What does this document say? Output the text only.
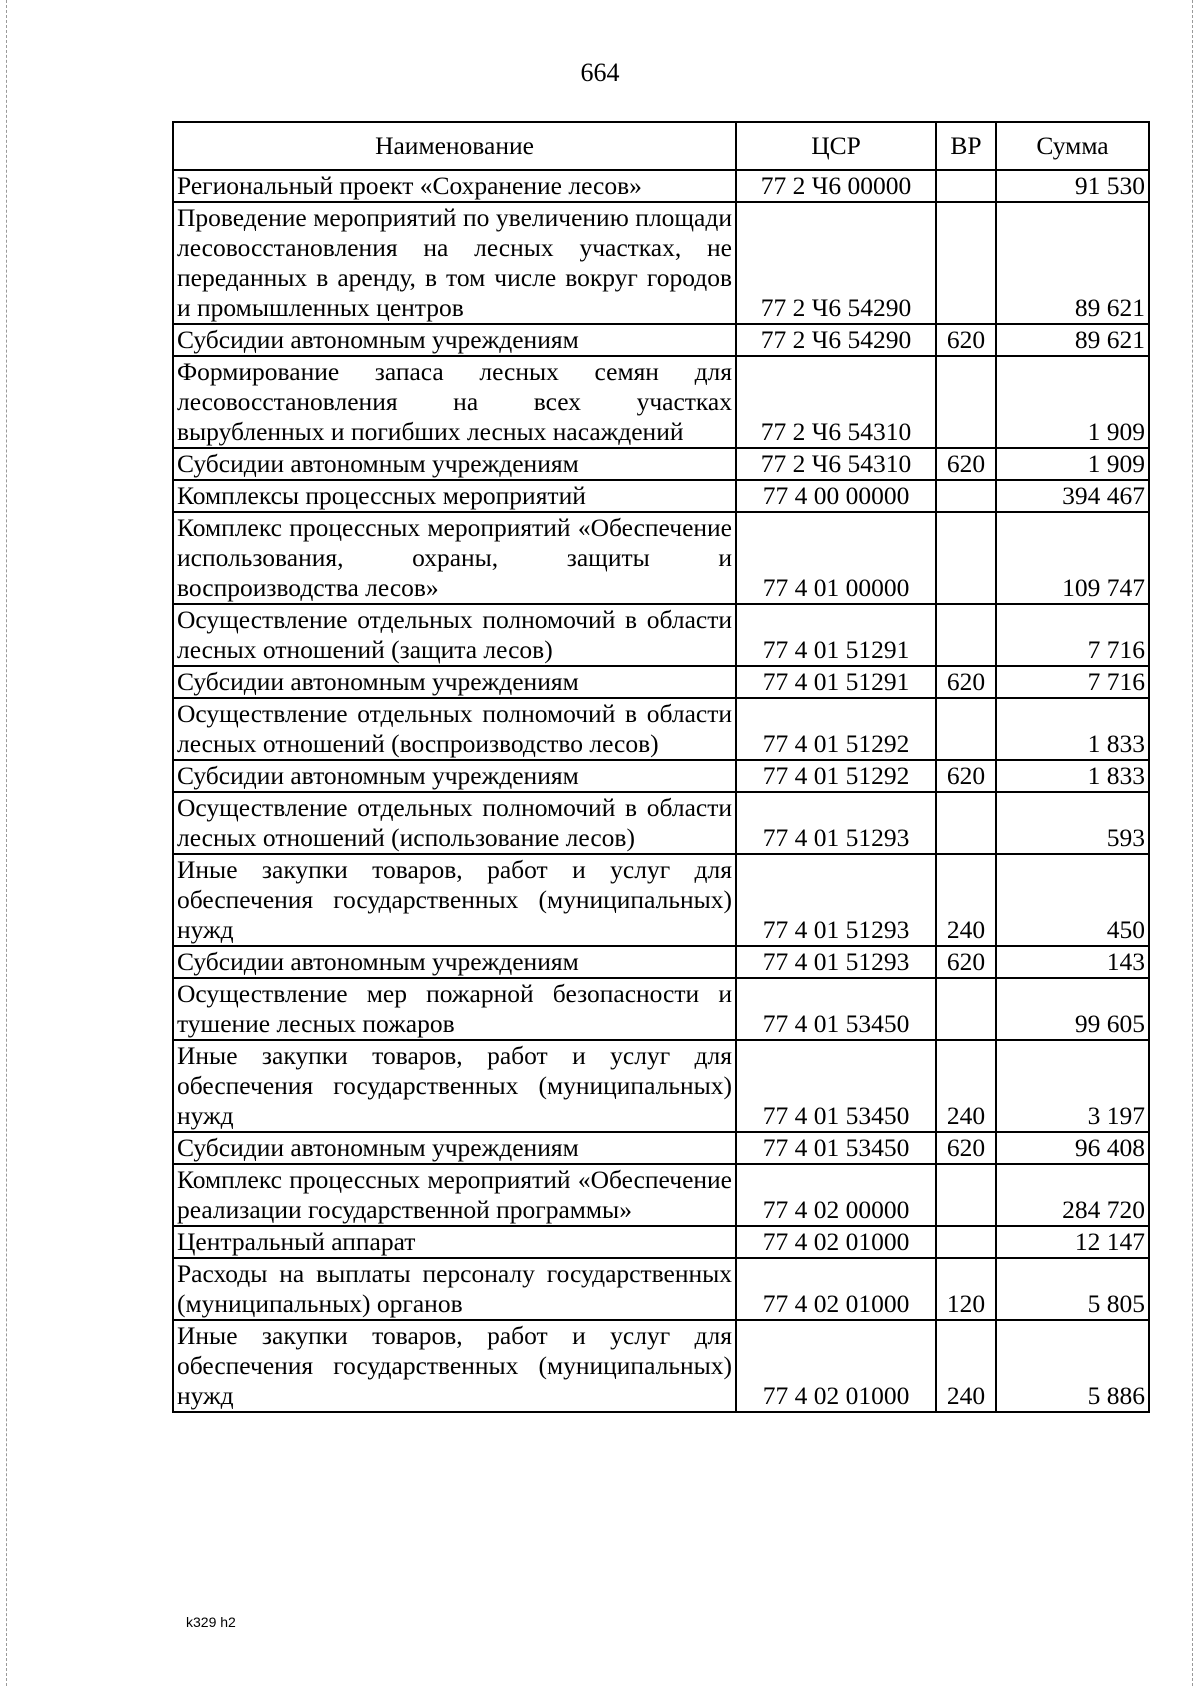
664
Наименование	ЦСР	ВР	Сумма
Региональный проект «Сохранение лесов»	77 2 Ч6 00000		91 530
Проведение мероприятий по увеличению площади лесовосстановления на лесных участках, не переданных в аренду, в том числе вокруг городов и промышленных центров	77 2 Ч6 54290		89 621
Субсидии автономным учреждениям	77 2 Ч6 54290	620	89 621
Формирование запаса лесных семян для лесовосстановления на всех участках вырубленных и погибших лесных насаждений	77 2 Ч6 54310		1 909
Субсидии автономным учреждениям	77 2 Ч6 54310	620	1 909
Комплексы процессных мероприятий	77 4 00 00000		394 467
Комплекс процессных мероприятий «Обеспечение использования, охраны, защиты и воспроизводства лесов»	77 4 01 00000		109 747
Осуществление отдельных полномочий в области лесных отношений (защита лесов)	77 4 01 51291		7 716
Субсидии автономным учреждениям	77 4 01 51291	620	7 716
Осуществление отдельных полномочий в области лесных отношений (воспроизводство лесов)	77 4 01 51292		1 833
Субсидии автономным учреждениям	77 4 01 51292	620	1 833
Осуществление отдельных полномочий в области лесных отношений (использование лесов)	77 4 01 51293		593
Иные закупки товаров, работ и услуг для обеспечения государственных (муниципальных) нужд	77 4 01 51293	240	450
Субсидии автономным учреждениям	77 4 01 51293	620	143
Осуществление мер пожарной безопасности и тушение лесных пожаров	77 4 01 53450		99 605
Иные закупки товаров, работ и услуг для обеспечения государственных (муниципальных) нужд	77 4 01 53450	240	3 197
Субсидии автономным учреждениям	77 4 01 53450	620	96 408
Комплекс процессных мероприятий «Обеспечение реализации государственной программы»	77 4 02 00000		284 720
Центральный аппарат	77 4 02 01000		12 147
Расходы на выплаты персоналу государственных (муниципальных) органов	77 4 02 01000	120	5 805
Иные закупки товаров, работ и услуг для обеспечения государственных (муниципальных) нужд	77 4 02 01000	240	5 886
k329 h2
